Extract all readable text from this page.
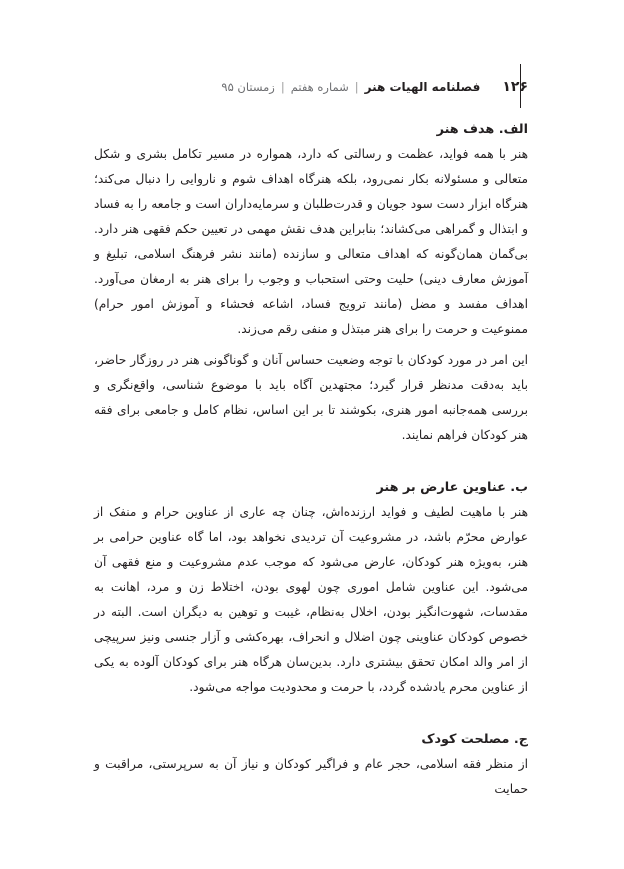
۱۲۶
فصلنامه الهیات هنر
|
شماره هفتم
|
زمستان ۹۵
الف. هدف هنر

هنر با همه فواید، عظمت و رسالتی که دارد، همواره در مسیر تکامل بشری و شکل متعالی و مسئولانه بکار نمی‌رود، بلکه هنرگاه اهداف شوم و ناروایی را دنبال می‌کند؛ هنرگاه ابزار دست سود جویان و قدرت‌طلبان و سرمایه‌داران است و جامعه را به فساد و ابتذال و گمراهی می‌کشاند؛ بنابراین هدف نقش مهمی در تعیین حکم فقهی هنر دارد. بی‌گمان همان‌گونه که اهداف متعالی و سازنده (مانند نشر فرهنگ اسلامی، تبلیغ و آموزش معارف دینی) حلیت وحتی استحباب و وجوب را برای هنر به ارمغان می‌آورد. اهداف مفسد و مضل (مانند ترویج فساد، اشاعه فحشاء و آموزش امور حرام) ممنوعیت و حرمت را برای هنر مبتذل و منفی رقم می‌زند.

این امر در مورد کودکان با توجه وضعیت حساس آنان و گوناگونی هنر در روزگار حاضر، باید به‌دقت مدنظر قرار گیرد؛ مجتهدین آگاه باید با موضوع شناسی، واقع‌نگری و بررسی همه‌جانبه امور هنری، بکوشند تا بر این اساس، نظام کامل و جامعی برای فقه هنر کودکان فراهم نمایند.

ب. عناوین عارض بر هنر

هنر با ماهیت لطیف و فواید ارزنده‌اش، چنان چه عاری از عناوین حرام و منفک از عوارض محرّم باشد، در مشروعیت آن تردیدی نخواهد بود، اما گاه عناوین حرامی بر هنر، به‌ویژه هنر کودکان، عارض می‌شود که موجب عدم مشروعیت و منع فقهی آن می‌شود. این عناوین شامل اموری چون لهوی بودن، اختلاط زن و مرد، اهانت به مقدسات، شهوت‌انگیز بودن، اخلال به‌نظام، غیبت و توهین به دیگران است. البته در خصوص کودکان عناوینی چون اضلال و انحراف، بهره‌کشی و آزار جنسی ونیز سرپیچی از امر والد امکان تحقق بیشتری دارد. بدین‌سان هرگاه هنر برای کودکان آلوده به یکی از عناوین محرم یادشده گردد، با حرمت و محدودیت مواجه می‌شود.

ج. مصلحت کودک

از منظر فقه اسلامی، حجر عام و فراگیر کودکان و نیاز آن به سرپرستی، مراقبت و حمایت
